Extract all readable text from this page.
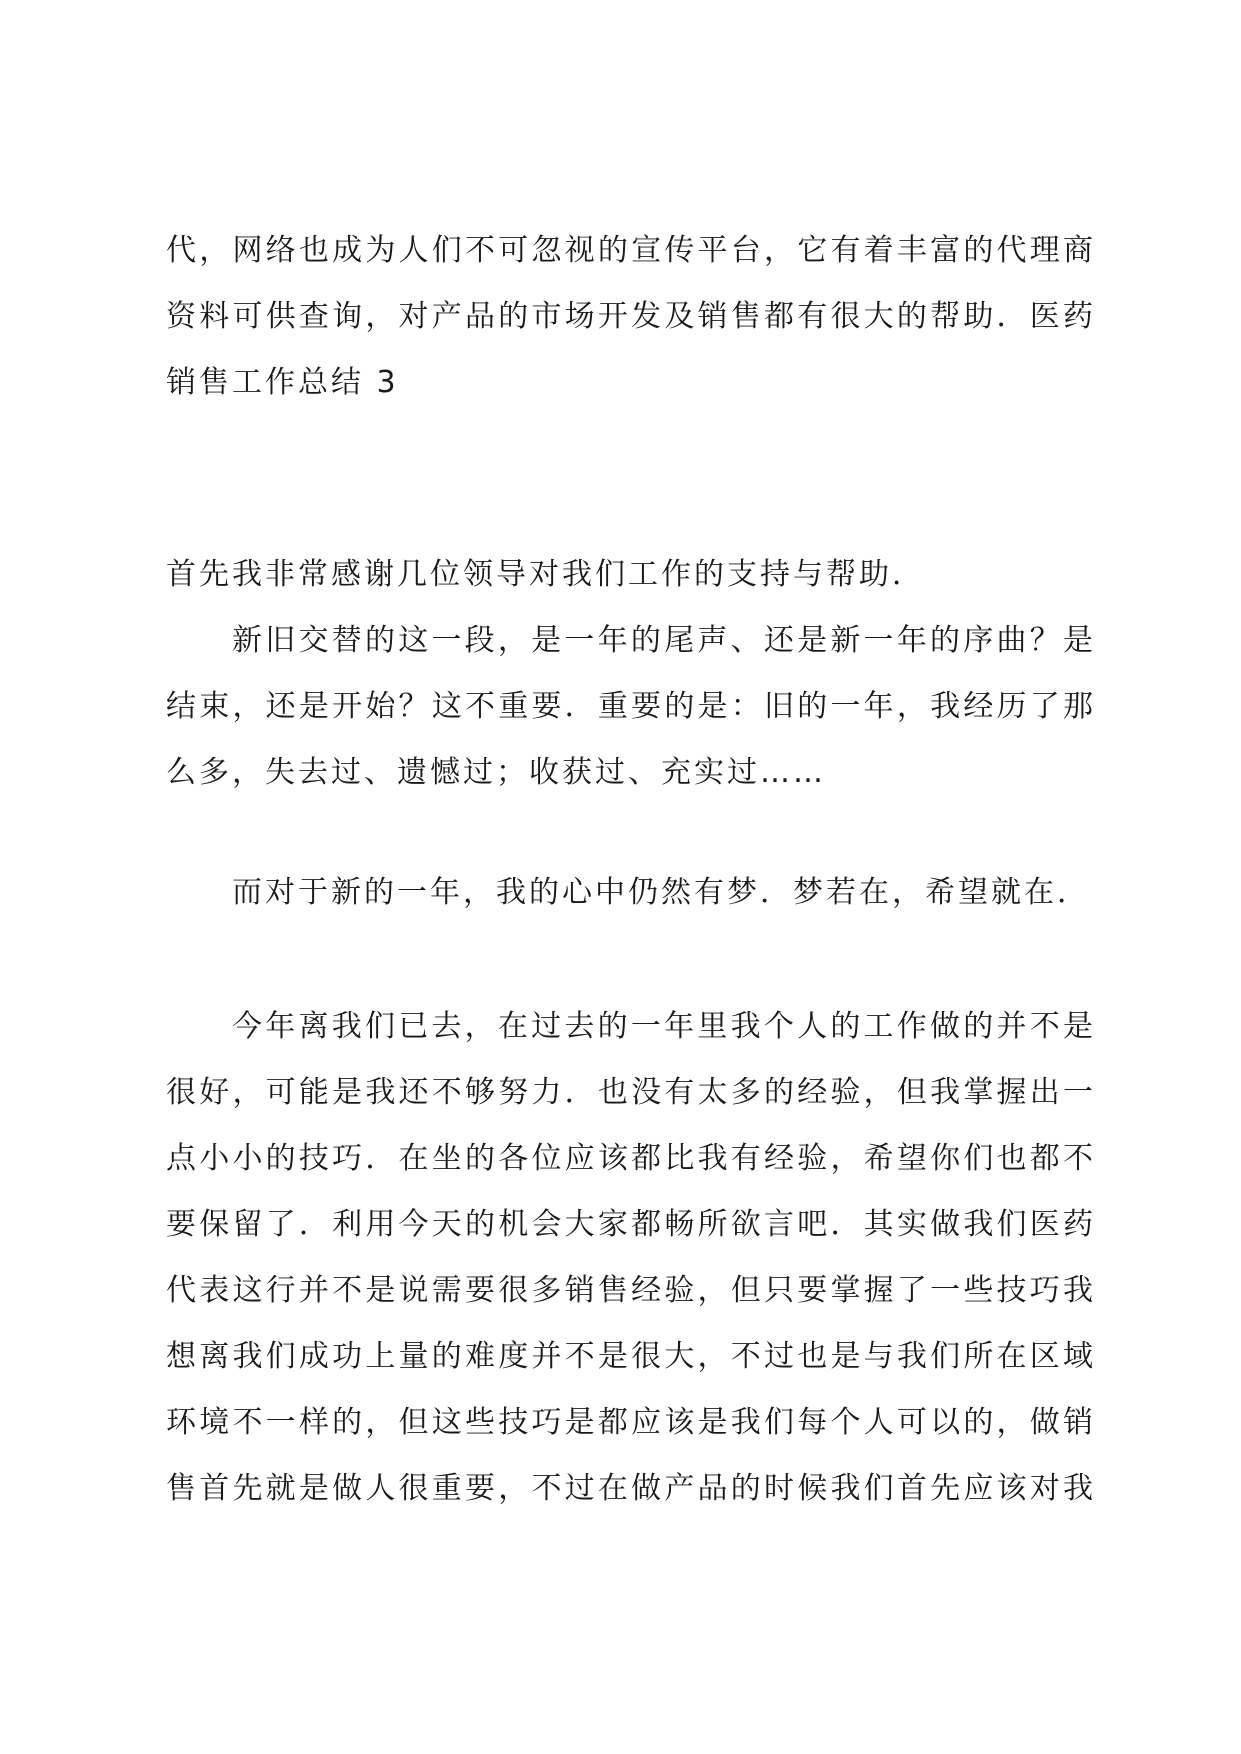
代，网络也成为人们不可忽视的宣传平台，它有着丰富的代理商
资料可供查询，对产品的市场开发及销售都有很大的帮助．医药
销售工作总结 3
首先我非常感谢几位领导对我们工作的支持与帮助．
新旧交替的这一段，是一年的尾声、还是新一年的序曲？是
结束，还是开始？这不重要．重要的是：旧的一年，我经历了那
么多，失去过、遗憾过；收获过、充实过……
而对于新的一年，我的心中仍然有梦．梦若在，希望就在．
今年离我们已去，在过去的一年里我个人的工作做的并不是
很好，可能是我还不够努力．也没有太多的经验，但我掌握出一
点小小的技巧．在坐的各位应该都比我有经验，希望你们也都不
要保留了．利用今天的机会大家都畅所欲言吧．其实做我们医药
代表这行并不是说需要很多销售经验，但只要掌握了一些技巧我
想离我们成功上量的难度并不是很大，不过也是与我们所在区域
环境不一样的，但这些技巧是都应该是我们每个人可以的，做销
售首先就是做人很重要，不过在做产品的时候我们首先应该对我
